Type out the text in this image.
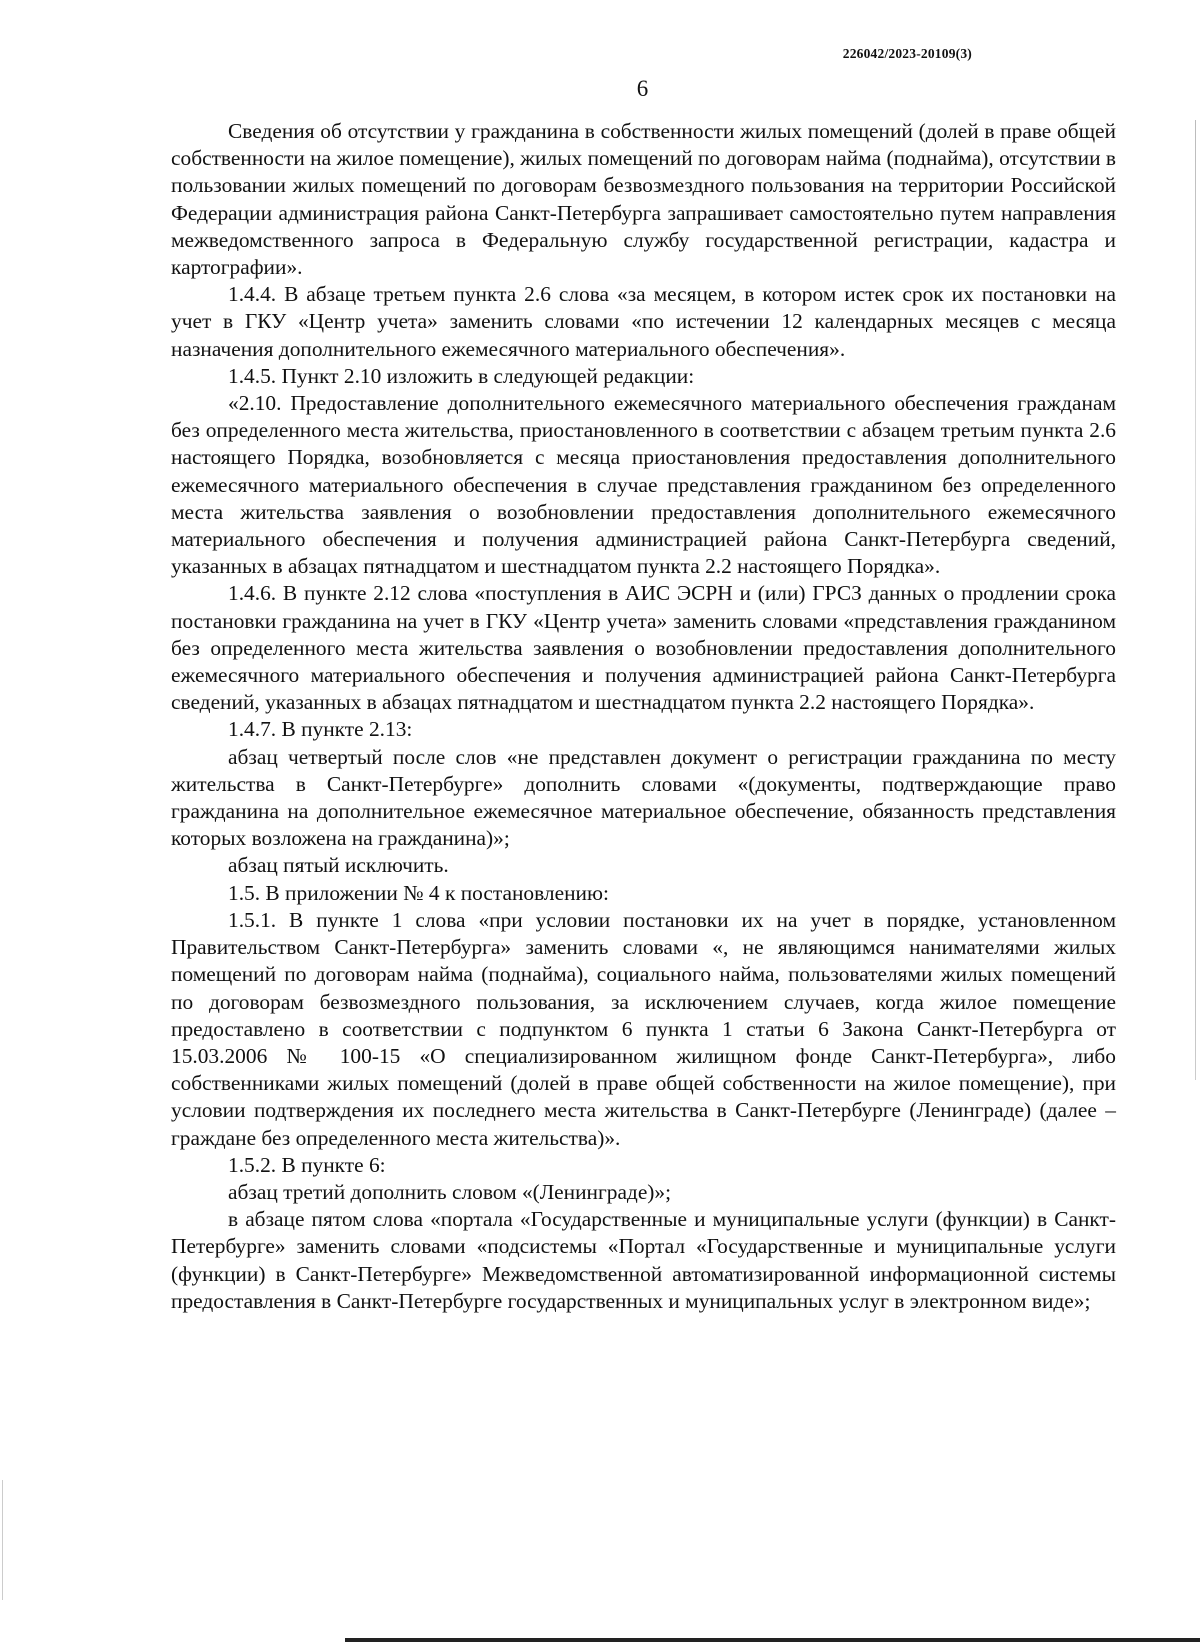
226042/2023-20109(3)
6

Сведения об отсутствии у гражданина в собственности жилых помещений (долей в праве общей собственности на жилое помещение), жилых помещений по договорам найма (поднайма), отсутствии в пользовании жилых помещений по договорам безвозмездного пользования на территории Российской Федерации администрация района Санкт-Петербурга запрашивает самостоятельно путем направления межведомственного запроса в Федеральную службу государственной регистрации, кадастра и картографии».

1.4.4. В абзаце третьем пункта 2.6 слова «за месяцем, в котором истек срок их постановки на учет в ГКУ «Центр учета» заменить словами «по истечении 12 календарных месяцев с месяца назначения дополнительного ежемесячного материального обеспечения».

1.4.5. Пункт 2.10 изложить в следующей редакции:

«2.10. Предоставление дополнительного ежемесячного материального обеспечения гражданам без определенного места жительства, приостановленного в соответствии с абзацем третьим пункта 2.6 настоящего Порядка, возобновляется с месяца приостановления предоставления дополнительного ежемесячного материального обеспечения в случае представления гражданином без определенного места жительства заявления о возобновлении предоставления дополнительного ежемесячного материального обеспечения и получения администрацией района Санкт-Петербурга сведений, указанных в абзацах пятнадцатом и шестнадцатом пункта 2.2 настоящего Порядка».

1.4.6. В пункте 2.12 слова «поступления в АИС ЭСРН и (или) ГРСЗ данных о продлении срока постановки гражданина на учет в ГКУ «Центр учета» заменить словами «представления гражданином без определенного места жительства заявления о возобновлении предоставления дополнительного ежемесячного материального обеспечения и получения администрацией района Санкт-Петербурга сведений, указанных в абзацах пятнадцатом и шестнадцатом пункта 2.2 настоящего Порядка».

1.4.7. В пункте 2.13:

абзац четвертый после слов «не представлен документ о регистрации гражданина по месту жительства в Санкт-Петербурге» дополнить словами «(документы, подтверждающие право гражданина на дополнительное ежемесячное материальное обеспечение, обязанность представления которых возложена на гражданина)»;

абзац пятый исключить.

1.5. В приложении № 4 к постановлению:

1.5.1. В пункте 1 слова «при условии постановки их на учет в порядке, установленном Правительством Санкт-Петербурга» заменить словами «, не являющимся нанимателями жилых помещений по договорам найма (поднайма), социального найма, пользователями жилых помещений по договорам безвозмездного пользования, за исключением случаев, когда жилое помещение предоставлено в соответствии с подпунктом 6 пункта 1 статьи 6 Закона Санкт-Петербурга от 15.03.2006 № 100-15 «О специализированном жилищном фонде Санкт-Петербурга», либо собственниками жилых помещений (долей в праве общей собственности на жилое помещение), при условии подтверждения их последнего места жительства в Санкт-Петербурге (Ленинграде) (далее – граждане без определенного места жительства)».

1.5.2. В пункте 6:

абзац третий дополнить словом «(Ленинграде)»;

в абзаце пятом слова «портала «Государственные и муниципальные услуги (функции) в Санкт-Петербурге» заменить словами «подсистемы «Портал «Государственные и муниципальные услуги (функции) в Санкт-Петербурге» Межведомственной автоматизированной информационной системы предоставления в Санкт-Петербурге государственных и муниципальных услуг в электронном виде»;
